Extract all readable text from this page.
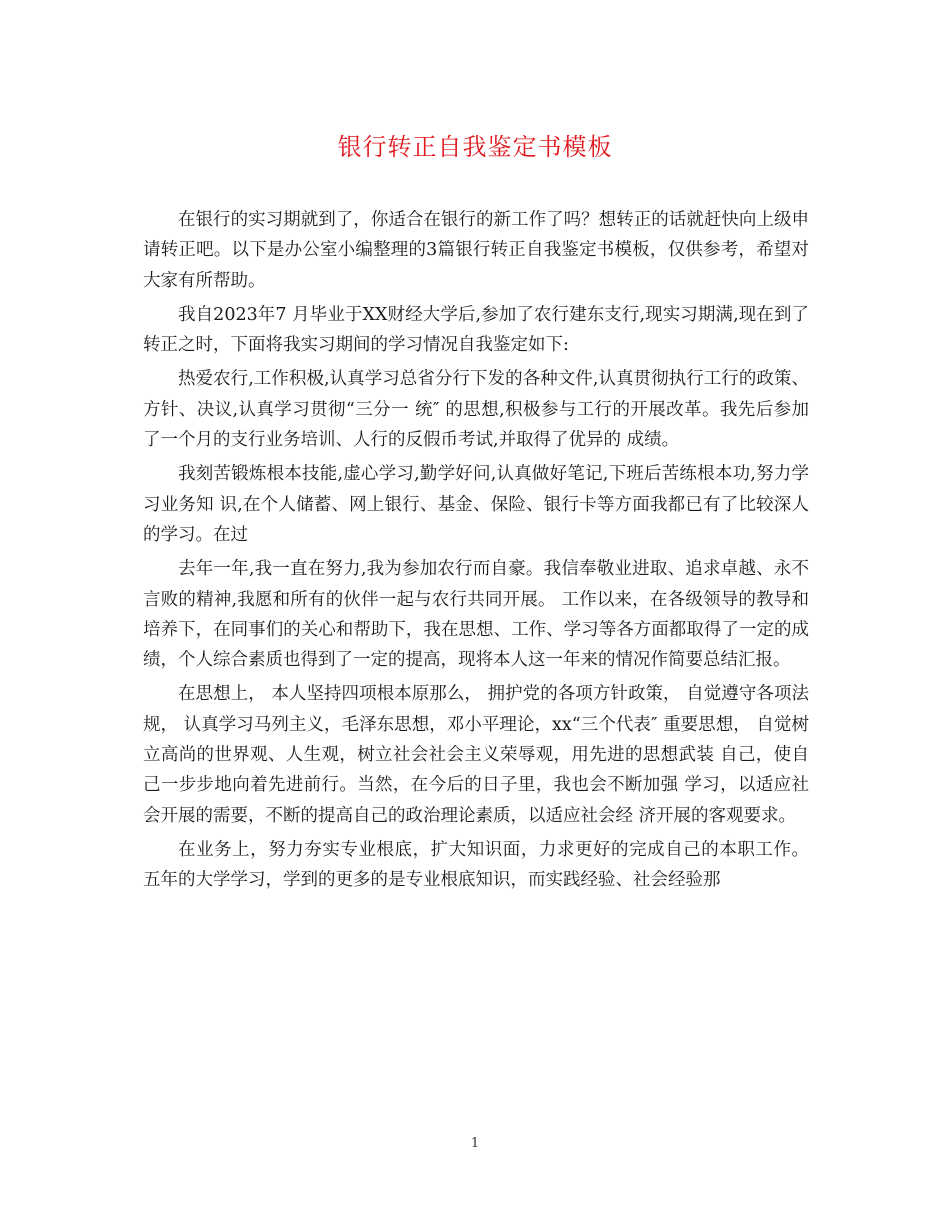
银行转正自我鉴定书模板

在银行的实习期就到了，你适合在银行的新工作了吗？想转正的话就赶快向上级申请转正吧。以下是办公室小编整理的3篇银行转正自我鉴定书模板，仅供参考，希望对大家有所帮助。

我自2023年7 月毕业于XX财经大学后,参加了农行建东支行,现实习期满,现在到了转正之时，下面将我实习期间的学习情况自我鉴定如下:

热爱农行,工作积极,认真学习总省分行下发的各种文件,认真贯彻执行工行的政策、方针、决议,认真学习贯彻“三分一 统″ 的思想,积极参与工行的开展改革。我先后参加了一个月的支行业务培训、人行的反假币考试,并取得了优异的 成绩。

我刻苦锻炼根本技能,虚心学习,勤学好问,认真做好笔记,下班后苦练根本功,努力学习业务知 识,在个人储蓄、网上银行、基金、保险、银行卡等方面我都已有了比较深人的学习。在过

去年一年,我一直在努力,我为参加农行而自豪。我信奉敬业进取、追求卓越、永不言败的精神,我愿和所有的伙伴一起与农行共同开展。 工作以来，在各级领导的教导和培养下，在同事们的关心和帮助下，我在思想、工作、学习等各方面都取得了一定的成绩，个人综合素质也得到了一定的提高，现将本人这一年来的情况作简要总结汇报。

在思想上， 本人坚持四项根本原那么， 拥护党的各项方针政策， 自觉遵守各项法规， 认真学习马列主义，毛泽东思想，邓小平理论，xx“三个代表″ 重要思想， 自觉树立高尚的世界观、人生观，树立社会社会主义荣辱观，用先进的思想武装 自己，使自己一步步地向着先进前行。当然，在今后的日子里，我也会不断加强 学习，以适应社会开展的需要，不断的提高自己的政治理论素质，以适应社会经 济开展的客观要求。

在业务上，努力夯实专业根底，扩大知识面，力求更好的完成自己的本职工作。 五年的大学学习，学到的更多的是专业根底知识，而实践经验、社会经验那

1
